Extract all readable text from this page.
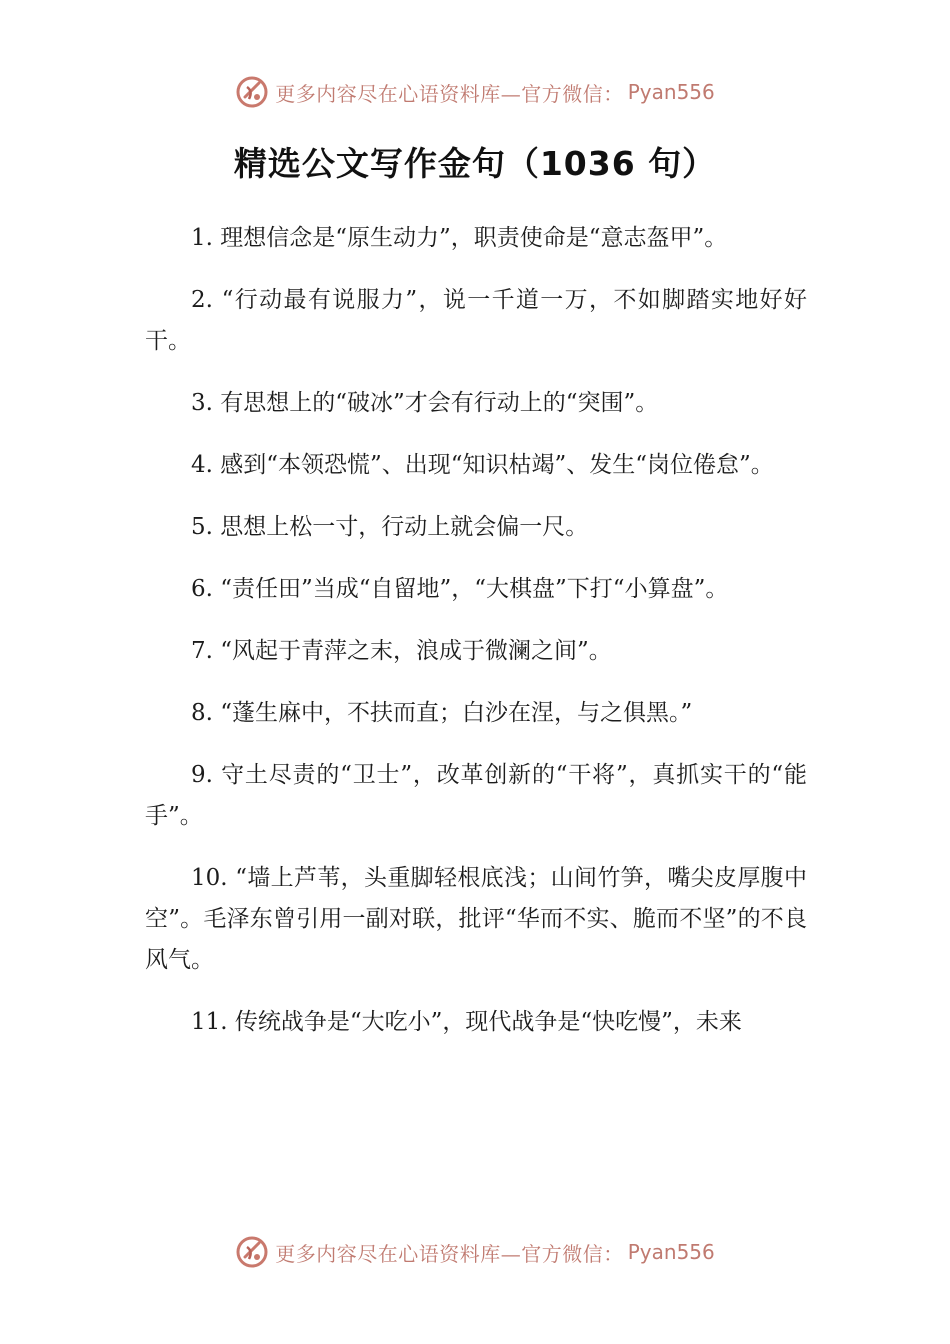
更多内容尽在心语资料库—官方微信： Pyan556
精选公文写作金句（1036 句）

1. 理想信念是“原生动力”，职责使命是“意志盔甲”。

2. “行动最有说服力”，说一千道一万，不如脚踏实地好好干。

3. 有思想上的“破冰”才会有行动上的“突围”。

4. 感到“本领恐慌”、出现“知识枯竭”、发生“岗位倦怠”。

5. 思想上松一寸，行动上就会偏一尺。

6. “责任田”当成“自留地”，“大棋盘”下打“小算盘”。

7. “风起于青萍之末，浪成于微澜之间”。

8. “蓬生麻中，不扶而直；白沙在涅，与之俱黑。”

9. 守土尽责的“卫士”，改革创新的“干将”，真抓实干的“能手”。

10. “墙上芦苇，头重脚轻根底浅；山间竹笋，嘴尖皮厚腹中空”。毛泽东曾引用一副对联，批评“华而不实、脆而不坚”的不良风气。

11. 传统战争是“大吃小”，现代战争是“快吃慢”，未来

更多内容尽在心语资料库—官方微信： Pyan556
